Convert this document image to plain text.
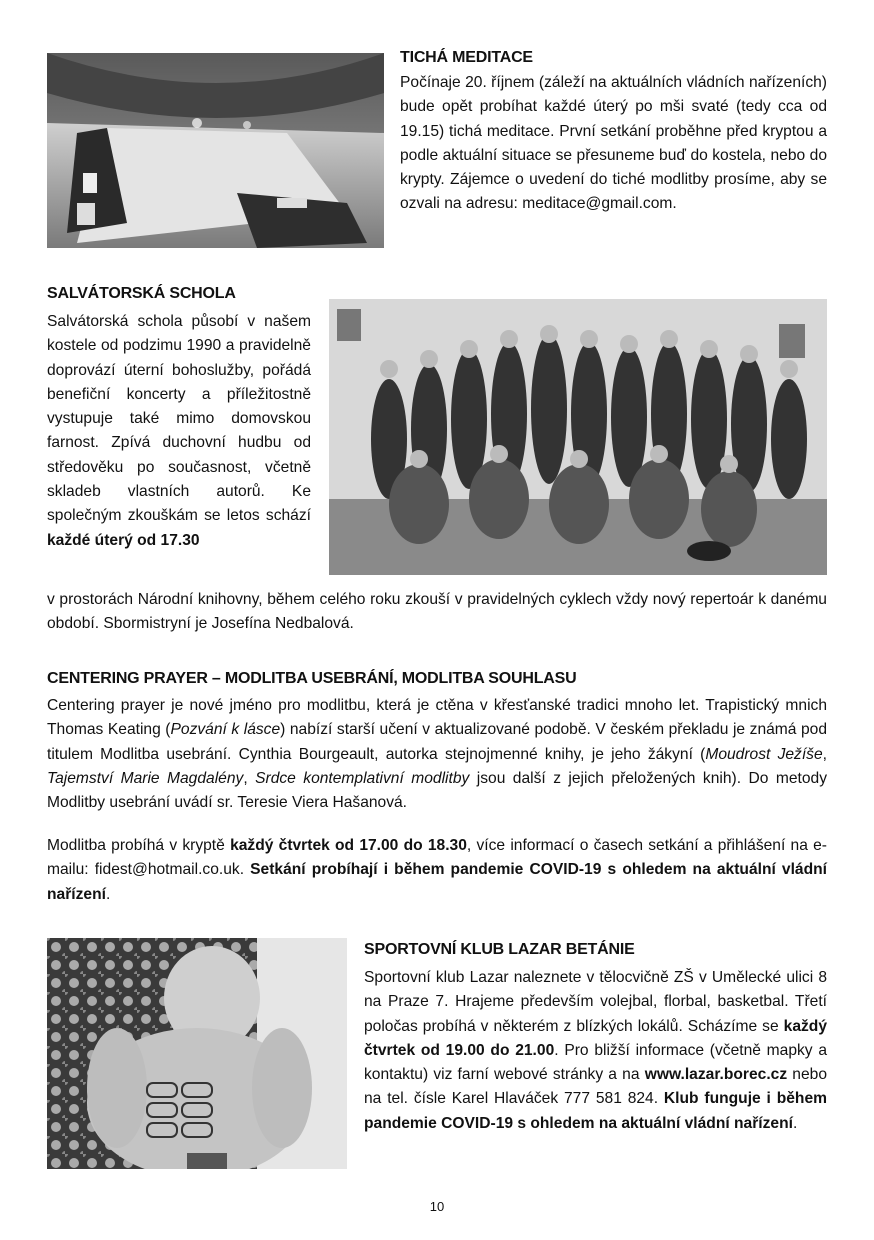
TICHÁ MEDITACE

Počínaje 20. říjnem (záleží na aktuálních vládních nařízeních) bude opět probíhat každé úterý po mši svaté (tedy cca od 19.15) tichá meditace. První setkání proběhne před kryptou a podle aktuální situace se přesuneme buď do kostela, nebo do krypty. Zájemce o uvedení do tiché modlitby prosíme, aby se ozvali na adresu: meditace@gmail.com.

SALVÁTORSKÁ SCHOLA

Salvátorská schola působí v našem kostele od podzimu 1990 a pravidelně doprovází úterní bohoslužby, pořádá benefiční koncerty a příležitostně vystupuje také mimo domovskou farnost. Zpívá duchovní hudbu od středověku po současnost, včetně skladeb vlastních autorů. Ke společným zkouškám se letos schází každé úterý od 17.30

v prostorách Národní knihovny, během celého roku zkouší v pravidelných cyklech vždy nový repertoár k danému období. Sbormistryní je Josefína Nedbalová.

CENTERING PRAYER – MODLITBA USEBRÁNÍ, MODLITBA SOUHLASU

Centering prayer je nové jméno pro modlitbu, která je ctěna v křesťanské tradici mnoho let. Trapistický mnich Thomas Keating (Pozvání k lásce) nabízí starší učení v aktualizované podobě. V českém překladu je známá pod titulem Modlitba usebrání. Cynthia Bourgeault, autorka stejnojmenné knihy, je jeho žákyní (Moudrost Ježíše, Tajemství Marie Magdalény, Srdce kontemplativní modlitby jsou další z jejich přeložených knih). Do metody Modlitby usebrání uvádí sr. Teresie Viera Hašanová.

Modlitba probíhá v kryptě každý čtvrtek od 17.00 do 18.30, více informací o časech setkání a přihlášení na e-mailu: fidest@hotmail.co.uk. Setkání probíhají i během pandemie COVID-19 s ohledem na aktuální vládní nařízení.

SPORTOVNÍ KLUB LAZAR BETÁNIE

Sportovní klub Lazar naleznete v tělocvičně ZŠ v Umělecké ulici 8 na Praze 7. Hrajeme především volejbal, florbal, basketbal. Třetí poločas probíhá v některém z blízkých lokálů. Scházíme se každý čtvrtek od 19.00 do 21.00. Pro bližší informace (včetně mapky a kontaktu) viz farní webové stránky a na www.lazar.borec.cz nebo na tel. čísle Karel Hlaváček 777 581 824. Klub funguje i během pandemie COVID-19 s ohledem na aktuální vládní nařízení.

10
